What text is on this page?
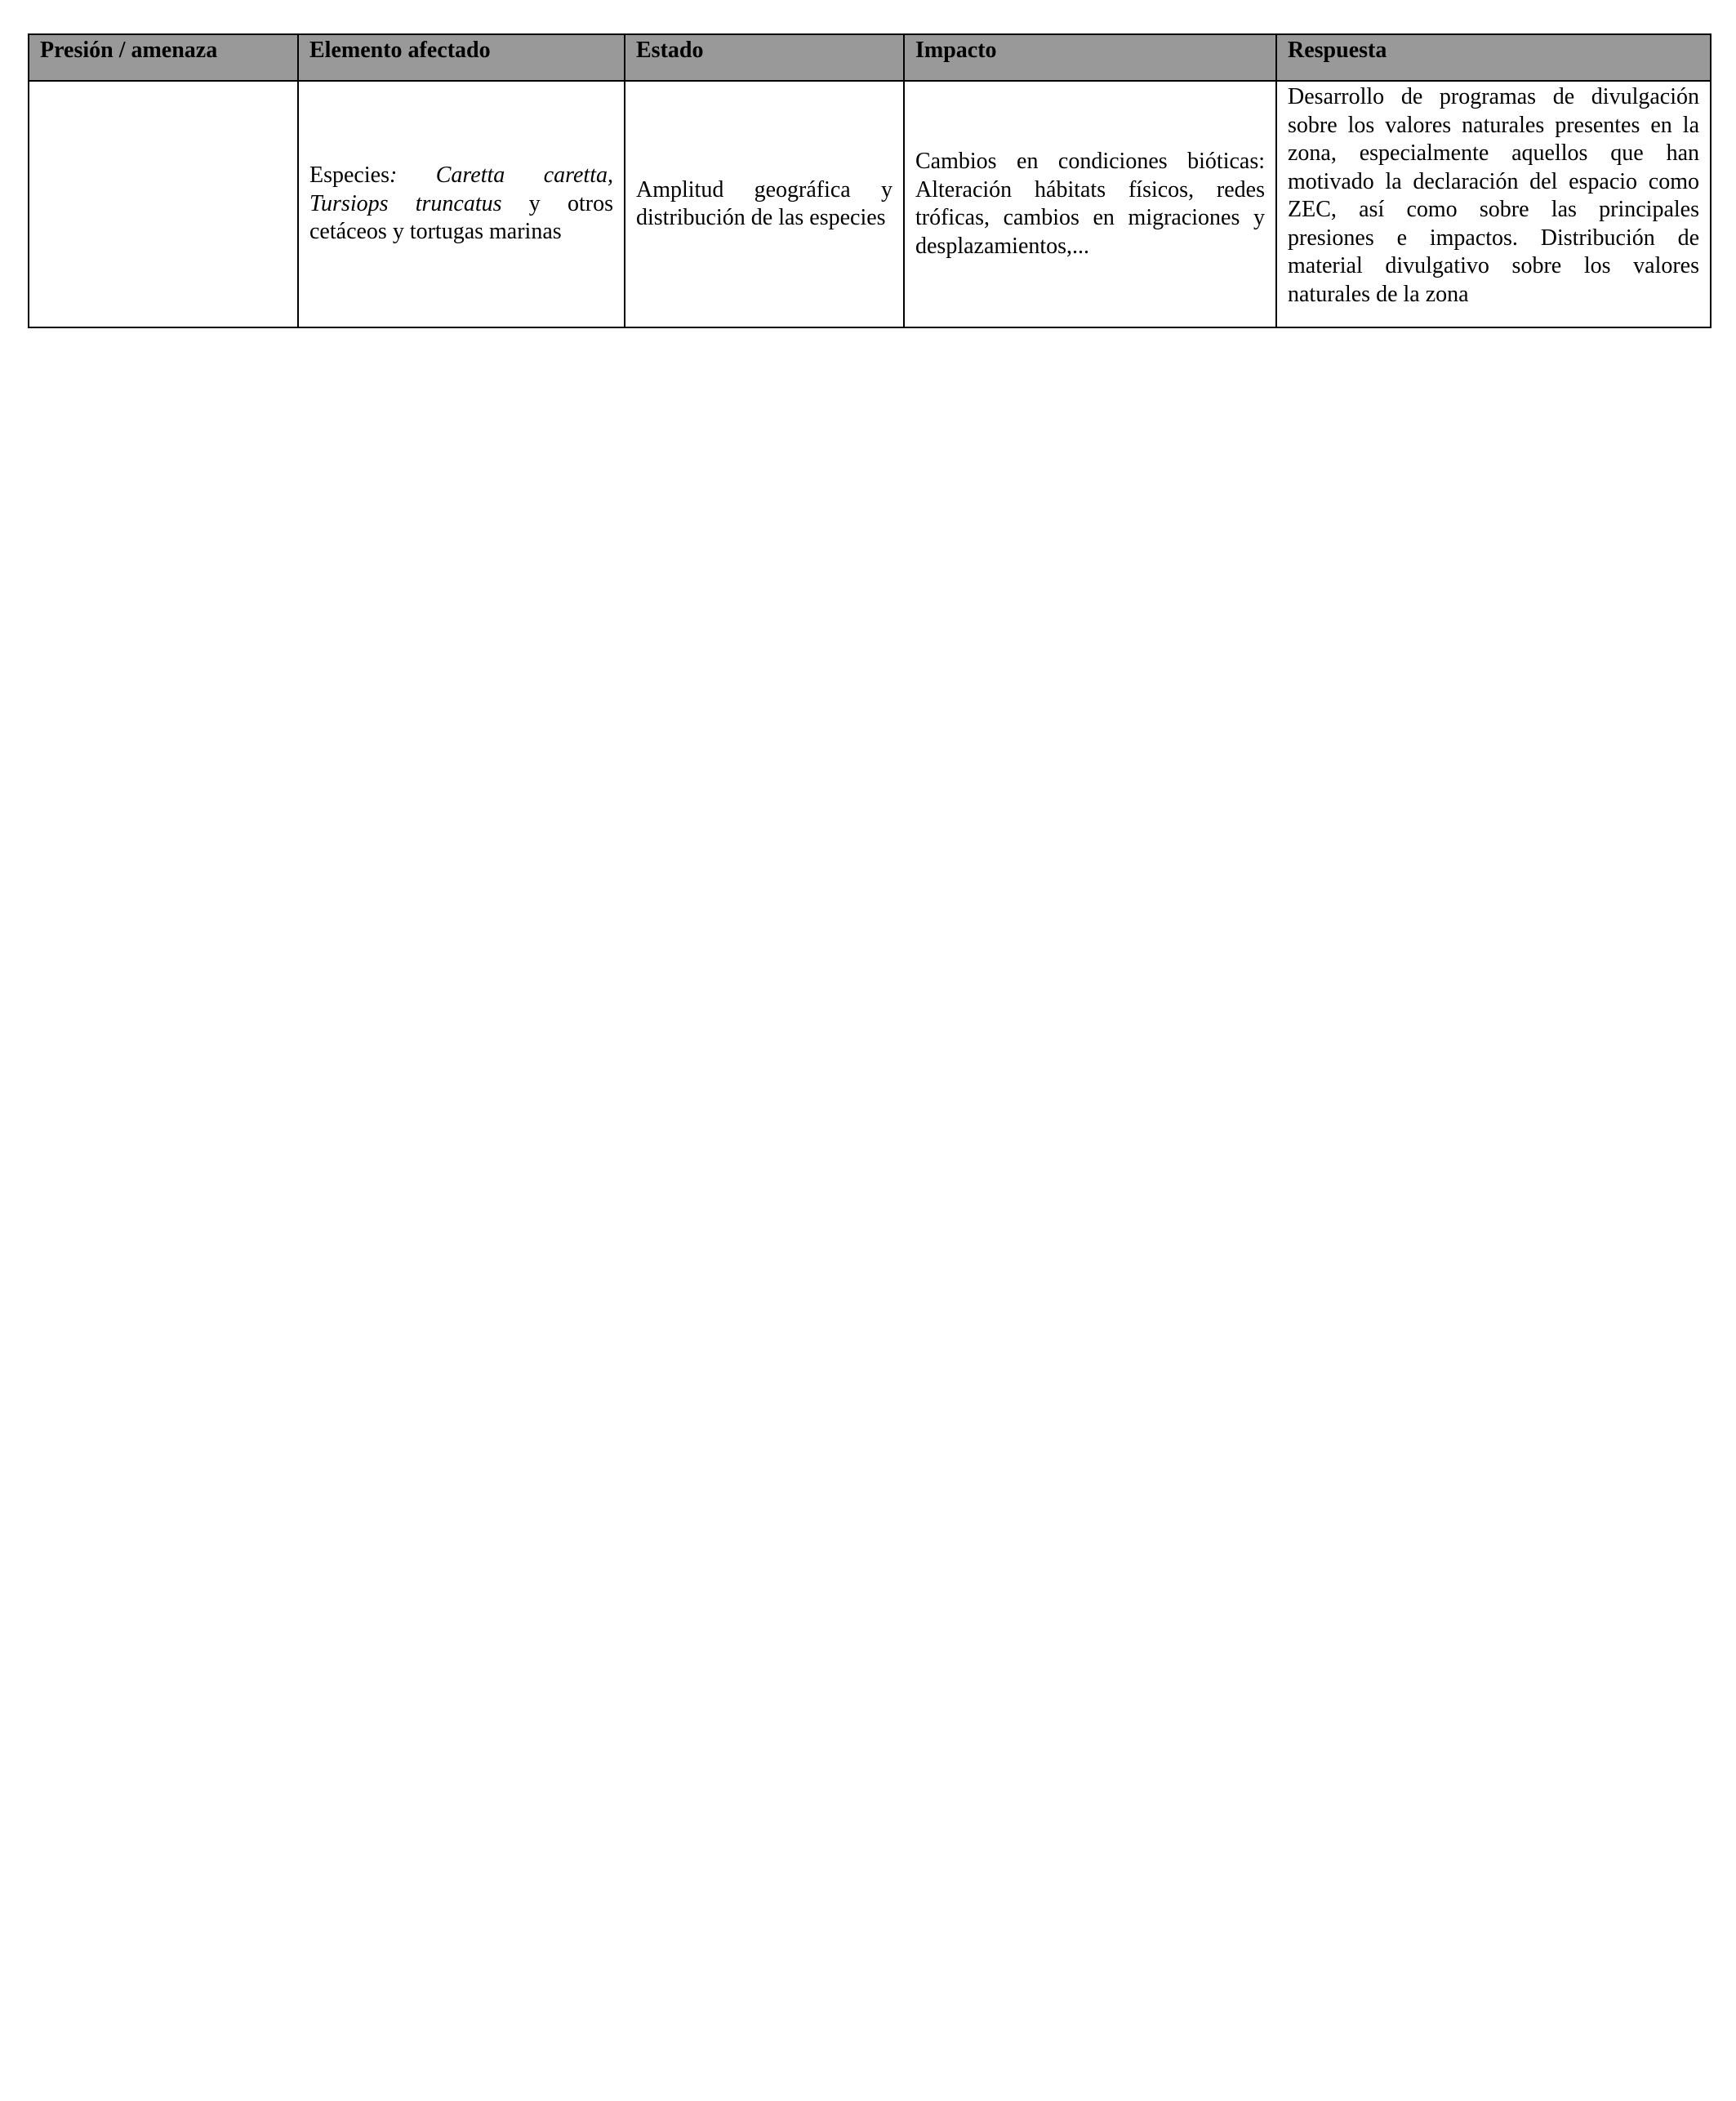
Presión / amenaza	Elemento afectado	Estado	Impacto	Respuesta
	Especies: Caretta caretta, Tursiops truncatus y otros cetáceos y tortugas marinas	Amplitud geográfica y distribución de las especies	Cambios en condiciones bióticas: Alteración hábitats físicos, redes tróficas, cambios en migraciones y desplazamientos,...	Desarrollo de programas de divulgación sobre los valores naturales presentes en la zona, especialmente aquellos que han motivado la declaración del espacio como ZEC, así como sobre las principales presiones e impactos. Distribución de material divulgativo sobre los valores naturales de la zona
